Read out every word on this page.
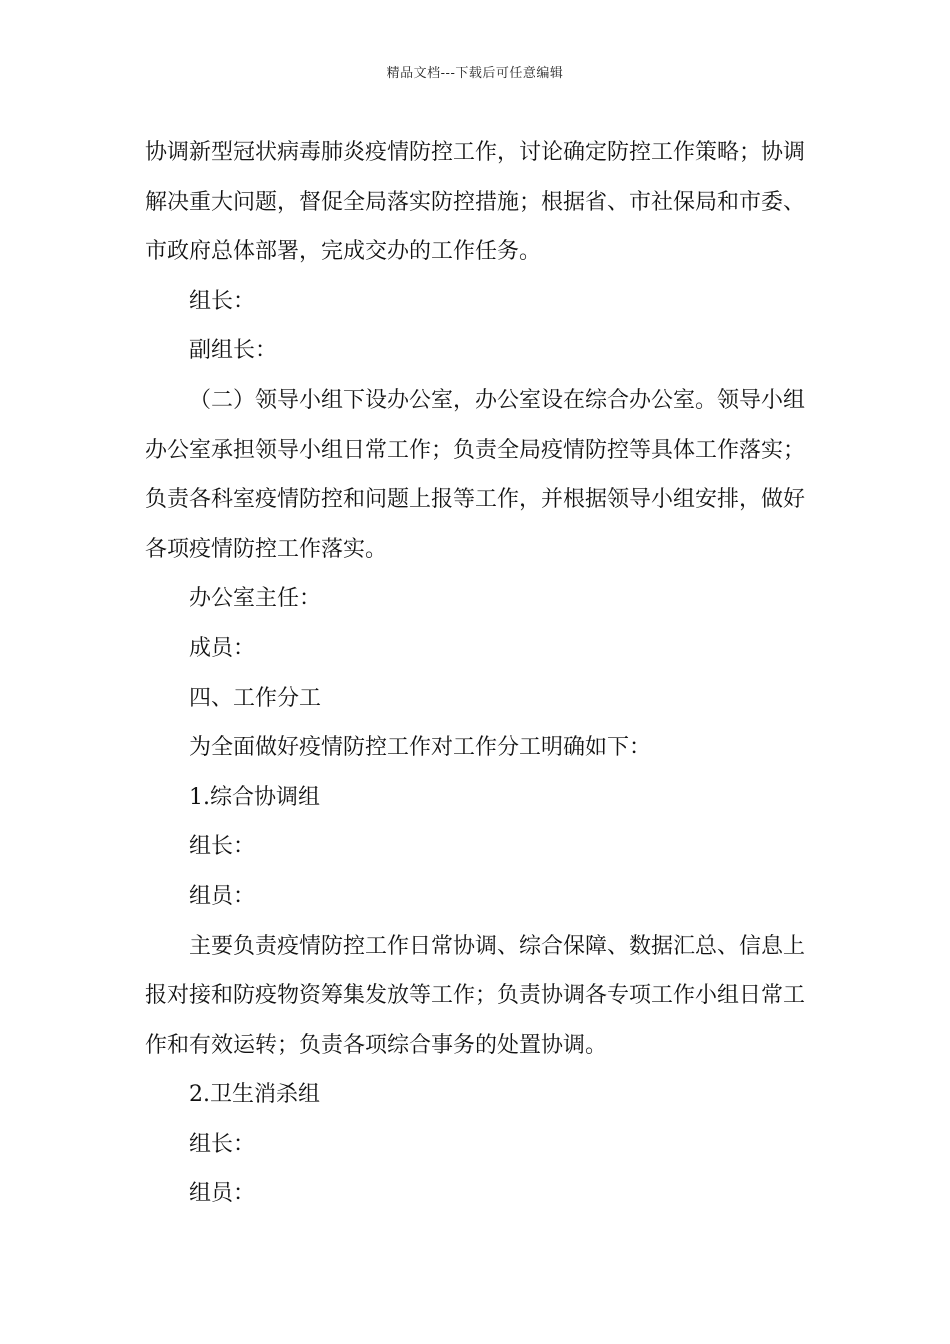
精品文档---下载后可任意编辑

协调新型冠状病毒肺炎疫情防控工作，讨论确定防控工作策略；协调解决重大问题，督促全局落实防控措施；根据省、市社保局和市委、市政府总体部署，完成交办的工作任务。

组长：

副组长：

（二）领导小组下设办公室，办公室设在综合办公室。领导小组办公室承担领导小组日常工作；负责全局疫情防控等具体工作落实；负责各科室疫情防控和问题上报等工作，并根据领导小组安排，做好各项疫情防控工作落实。

办公室主任：

成员：

四、工作分工

为全面做好疫情防控工作对工作分工明确如下：

1.综合协调组

组长：

组员：

主要负责疫情防控工作日常协调、综合保障、数据汇总、信息上报对接和防疫物资筹集发放等工作；负责协调各专项工作小组日常工作和有效运转；负责各项综合事务的处置协调。

2.卫生消杀组

组长：

组员：
